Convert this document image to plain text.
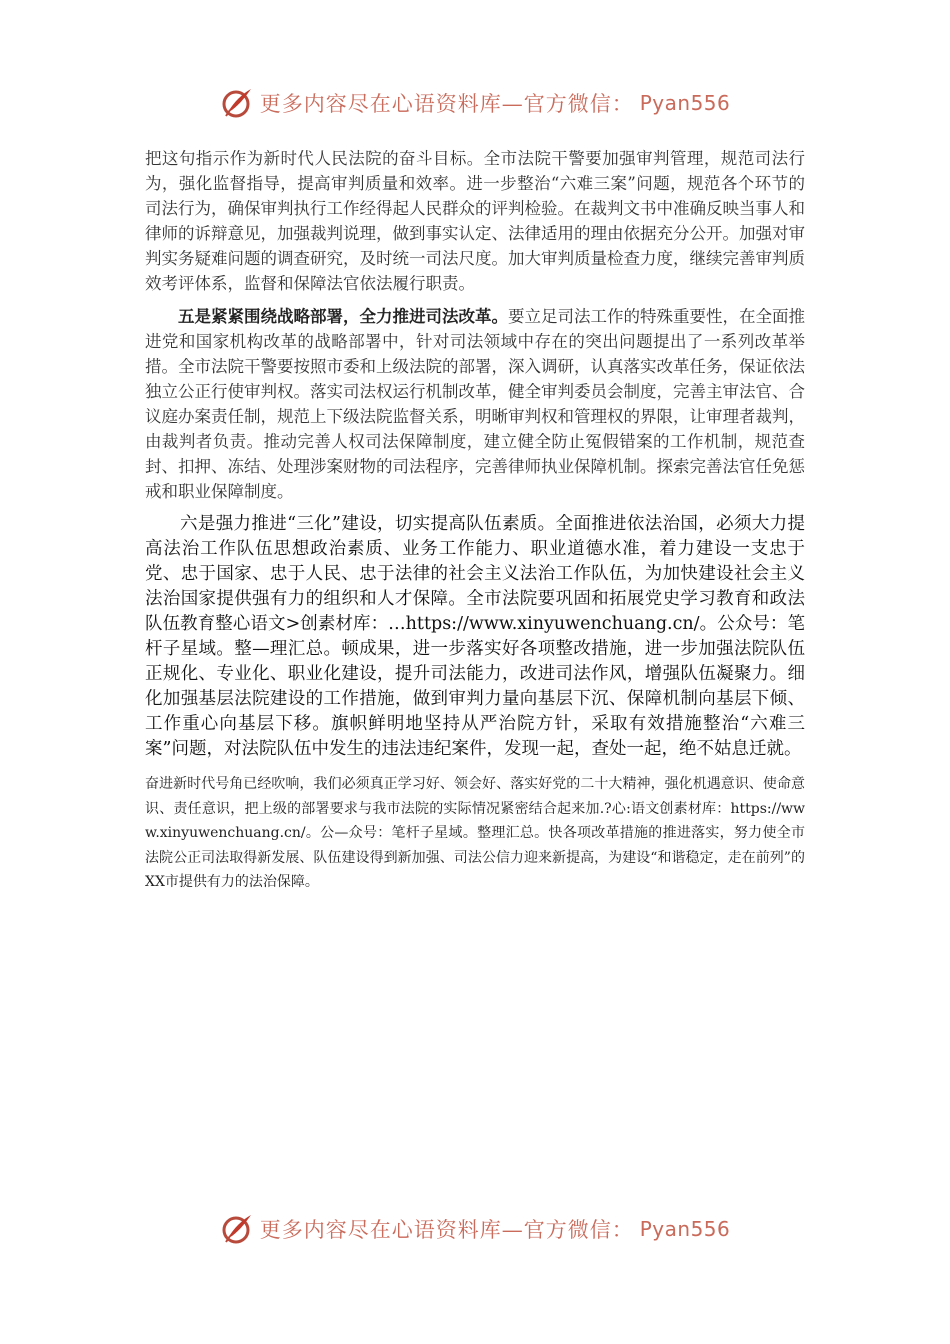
更多内容尽在心语资料库—官方微信： Pyan556

把这句指示作为新时代人民法院的奋斗目标。全市法院干警要加强审判管理，规范司法行为，强化监督指导，提高审判质量和效率。进一步整治“六难三案”问题，规范各个环节的司法行为，确保审判执行工作经得起人民群众的评判检验。在裁判文书中准确反映当事人和律师的诉辩意见，加强裁判说理，做到事实认定、法律适用的理由依据充分公开。加强对审判实务疑难问题的调查研究，及时统一司法尺度。加大审判质量检查力度，继续完善审判质效考评体系，监督和保障法官依法履行职责。

五是紧紧围绕战略部署，全力推进司法改革。要立足司法工作的特殊重要性，在全面推进党和国家机构改革的战略部署中，针对司法领域中存在的突出问题提出了一系列改革举措。全市法院干警要按照市委和上级法院的部署，深入调研，认真落实改革任务，保证依法独立公正行使审判权。落实司法权运行机制改革，健全审判委员会制度，完善主审法官、合议庭办案责任制，规范上下级法院监督关系，明晰审判权和管理权的界限，让审理者裁判，由裁判者负责。推动完善人权司法保障制度，建立健全防止冤假错案的工作机制，规范查封、扣押、冻结、处理涉案财物的司法程序，完善律师执业保障机制。探索完善法官任免惩戒和职业保障制度。

六是强力推进“三化”建设，切实提高队伍素质。全面推进依法治国，必须大力提高法治工作队伍思想政治素质、业务工作能力、职业道德水准，着力建设一支忠于党、忠于国家、忠于人民、忠于法律的社会主义法治工作队伍，为加快建设社会主义法治国家提供强有力的组织和人才保障。全市法院要巩固和拓展党史学习教育和政法队伍教育整心语文>创素材库：…https://www.xinyuwenchuang.cn/。公众号：笔杆子星域。整—理汇总。顿成果，进一步落实好各项整改措施，进一步加强法院队伍正规化、专业化、职业化建设，提升司法能力，改进司法作风，增强队伍凝聚力。细化加强基层法院建设的工作措施，做到审判力量向基层下沉、保障机制向基层下倾、工作重心向基层下移。旗帜鲜明地坚持从严治院方针，采取有效措施整治“六难三案”问题，对法院队伍中发生的违法违纪案件，发现一起，查处一起，绝不姑息迁就。

奋进新时代号角已经吹响，我们必须真正学习好、领会好、落实好党的二十大精神，强化机遇意识、使命意识、责任意识，把上级的部署要求与我市法院的实际情况紧密结合起来加.?心:语文创素材库：https://www.xinyuwenchuang.cn/。公—众号：笔杆子星域。整理汇总。快各项改革措施的推进落实，努力使全市法院公正司法取得新发展、队伍建设得到新加强、司法公信力迎来新提高，为建设“和谐稳定，走在前列”的XX市提供有力的法治保障。

更多内容尽在心语资料库—官方微信： Pyan556
